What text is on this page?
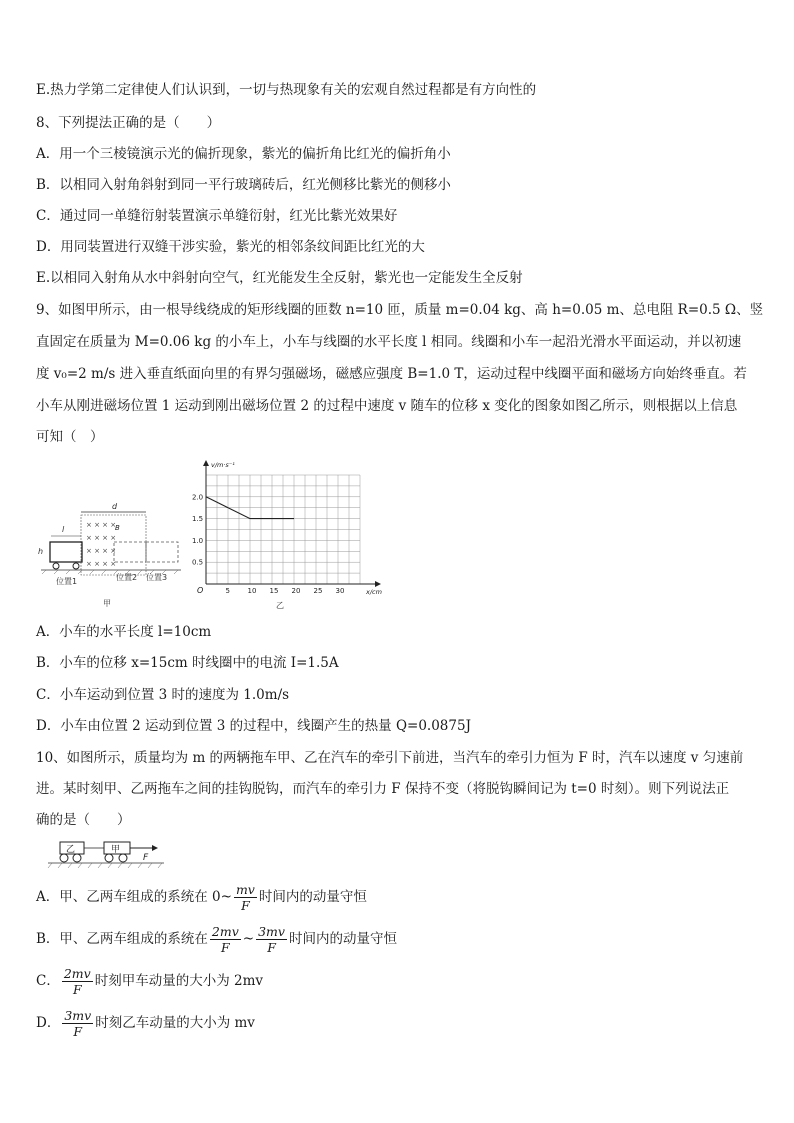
E.热力学第二定律使人们认识到，一切与热现象有关的宏观自然过程都是有方向性的
8、下列提法正确的是（　　）
A．用一个三棱镜演示光的偏折现象，紫光的偏折角比红光的偏折角小
B．以相同入射角斜射到同一平行玻璃砖后，红光侧移比紫光的侧移小
C．通过同一单缝衍射装置演示单缝衍射，红光比紫光效果好
D．用同装置进行双缝干涉实验，紫光的相邻条纹间距比红光的大
E.以相同入射角从水中斜射向空气，红光能发生全反射，紫光也一定能发生全反射
9、如图甲所示，由一根导线绕成的矩形线圈的匝数 n=10 匝，质量 m=0.04 kg、高 h=0.05 m、总电阻 R=0.5 Ω、竖
直固定在质量为 M=0.06 kg 的小车上，小车与线圈的水平长度 l 相同。线圈和小车一起沿光滑水平面运动，并以初速
度 v₀=2 m/s 进入垂直纸面向里的有界匀强磁场，磁感应强度 B=1.0 T，运动过程中线圈平面和磁场方向始终垂直。若
小车从刚进磁场位置 1 运动到刚出磁场位置 2 的过程中速度 v 随车的位移 x 变化的图象如图乙所示，则根据以上信息
可知（　）
d
× × × ×
× × × ×
× × × ×
× × × ×
B
l
h
位置1	位置2 位置3
甲
v/m·s⁻¹
x/cm
O	5	10 15 20 25 30
0.5
1.0
1.5
2.0
乙
A．小车的水平长度 l=10cm
B．小车的位移 x=15cm 时线圈中的电流 I=1.5A
C．小车运动到位置 3 时的速度为 1.0m/s
D．小车由位置 2 运动到位置 3 的过程中，线圈产生的热量 Q=0.0875J
10、如图所示，质量均为 m 的两辆拖车甲、乙在汽车的牵引下前进，当汽车的牵引力恒为 F 时，汽车以速度 v 匀速前
进。某时刻甲、乙两拖车之间的挂钩脱钩，而汽车的牵引力 F 保持不变（将脱钩瞬间记为 t=0 时刻）。则下列说法正
确的是（　　）
乙	甲
F
A．甲、乙两车组成的系统在 0~ $\frac{mv}{F}$ 时间内的动量守恒
B．甲、乙两车组成的系统在 $\frac{2mv}{F}$ ~ $\frac{3mv}{F}$ 时间内的动量守恒
C． $\frac{2mv}{F}$ 时刻甲车动量的大小为 2mv
D． $\frac{3mv}{F}$ 时刻乙车动量的大小为 mv
